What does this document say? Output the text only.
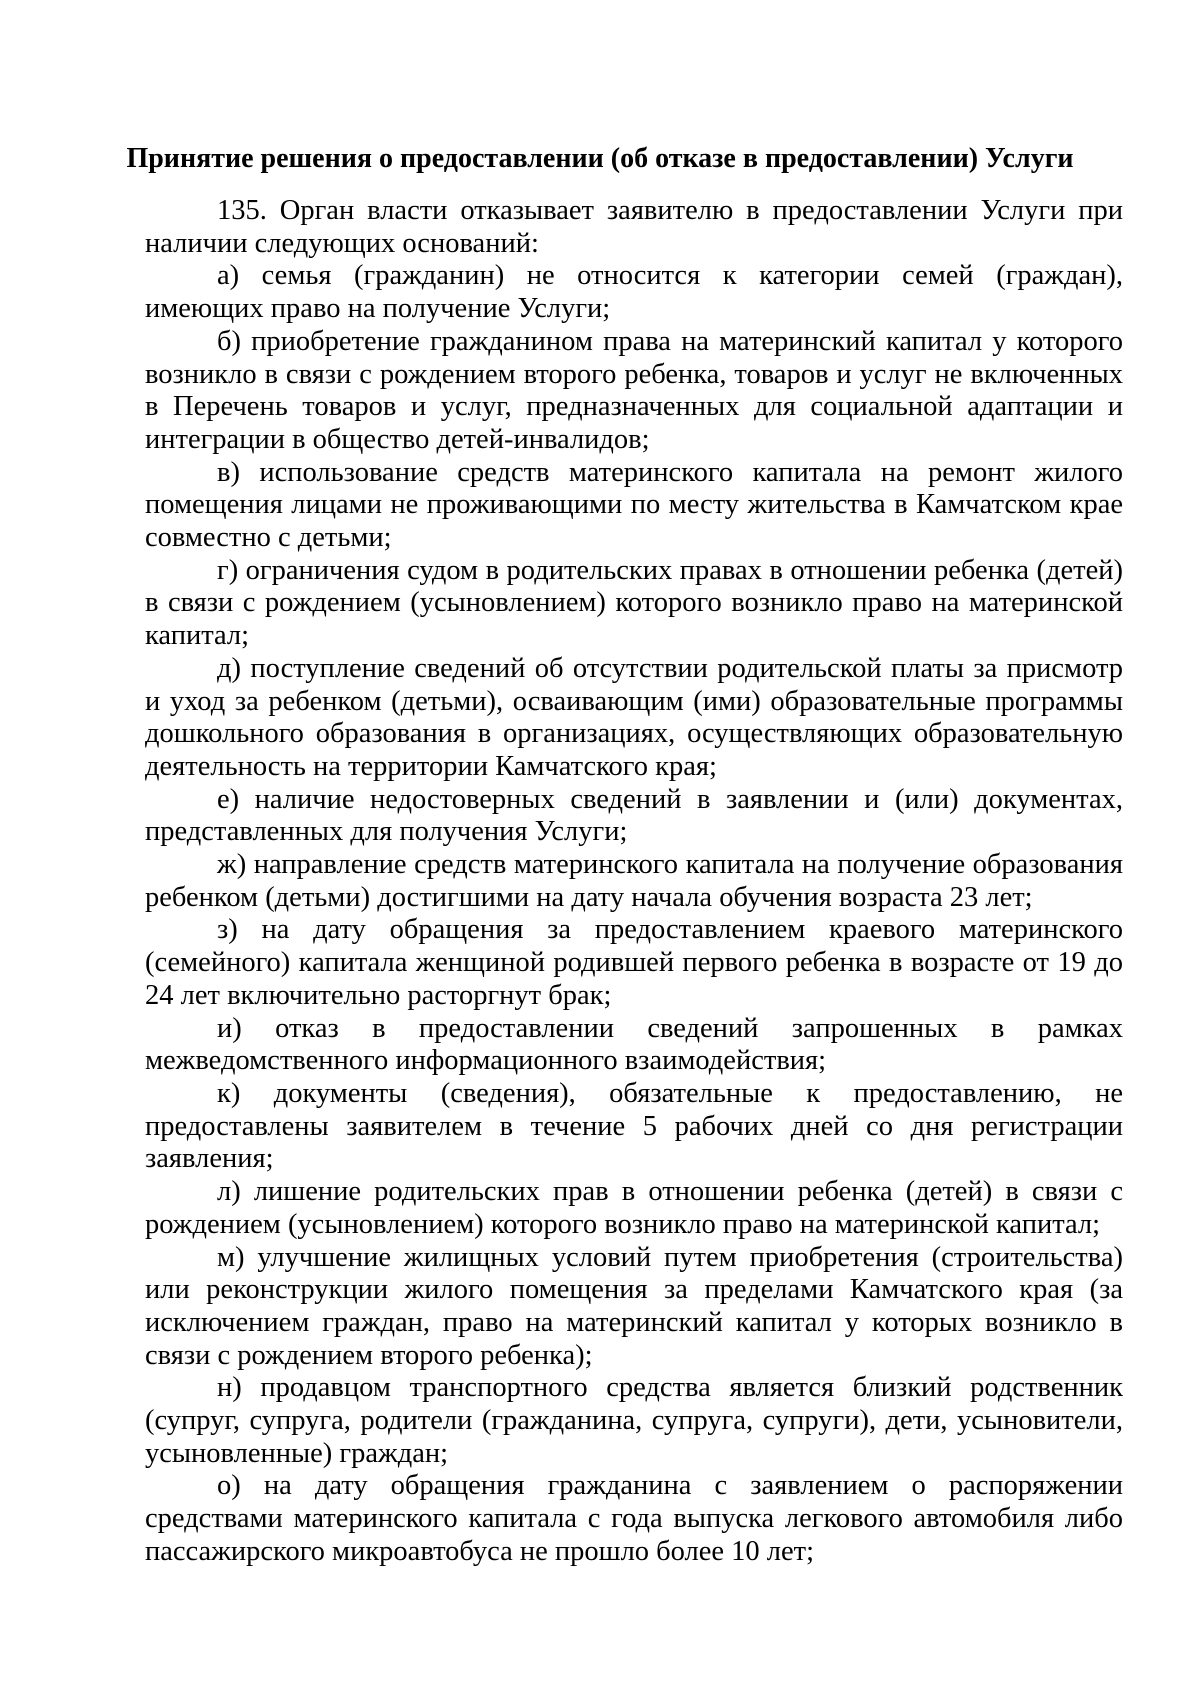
Принятие решения о предоставлении (об отказе в предоставлении) Услуги

135. Орган власти отказывает заявителю в предоставлении Услуги при наличии следующих оснований:

а) семья (гражданин) не относится к категории семей (граждан), имеющих право на получение Услуги;

б) приобретение гражданином права на материнский капитал у которого возникло в связи с рождением второго ребенка, товаров и услуг не включенных в Перечень товаров и услуг, предназначенных для социальной адаптации и интеграции в общество детей-инвалидов;

в) использование средств материнского капитала на ремонт жилого помещения лицами не проживающими по месту жительства в Камчатском крае совместно с детьми;

г) ограничения судом в родительских правах в отношении ребенка (детей) в связи с рождением (усыновлением) которого возникло право на материнской капитал;

д) поступление сведений об отсутствии родительской платы за присмотр и уход за ребенком (детьми), осваивающим (ими) образовательные программы дошкольного образования в организациях, осуществляющих образовательную деятельность на территории Камчатского края;

е) наличие недостоверных сведений в заявлении и (или) документах, представленных для получения Услуги;

ж) направление средств материнского капитала на получение образования ребенком (детьми) достигшими на дату начала обучения возраста 23 лет;

з) на дату обращения за предоставлением краевого материнского (семейного) капитала женщиной родившей первого ребенка в возрасте от 19 до 24 лет включительно расторгнут брак;

и) отказ в предоставлении сведений запрошенных в рамках межведомственного информационного взаимодействия;

к) документы (сведения), обязательные к предоставлению, не предоставлены заявителем в течение 5 рабочих дней со дня регистрации заявления;

л) лишение родительских прав в отношении ребенка (детей) в связи с рождением (усыновлением) которого возникло право на материнской капитал;

м) улучшение жилищных условий путем приобретения (строительства) или реконструкции жилого помещения за пределами Камчатского края (за исключением граждан, право на материнский капитал у которых возникло в связи с рождением второго ребенка);

н) продавцом транспортного средства является близкий родственник (супруг, супруга, родители (гражданина, супруга, супруги), дети, усыновители, усыновленные) граждан;

о) на дату обращения гражданина с заявлением о распоряжении средствами материнского капитала с года выпуска легкового автомобиля либо пассажирского микроавтобуса не прошло более 10 лет;
